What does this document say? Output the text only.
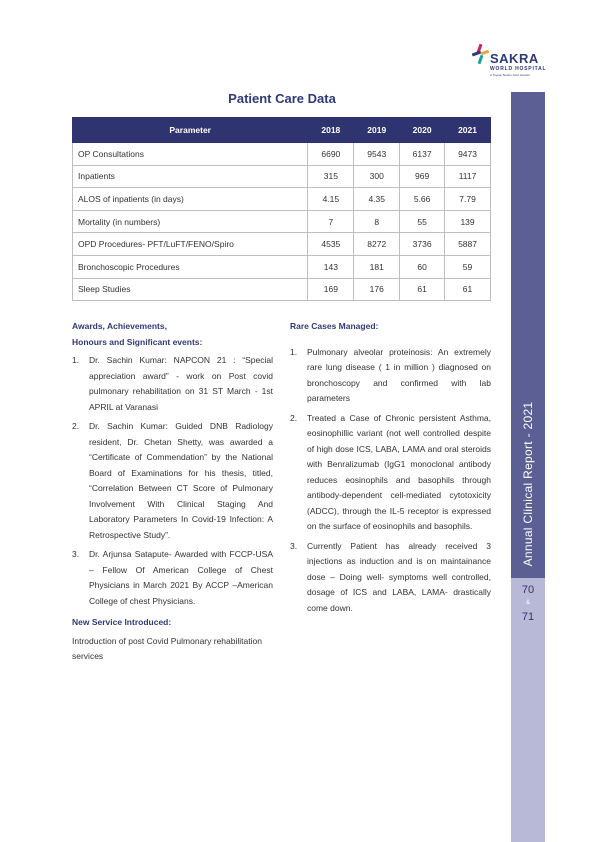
SAKRA
WORLD HOSPITAL
A Toyota Tsusho Joint Venture
Annual Clinical Report - 2021
70
&
71
Patient Care Data
Parameter	2018	2019	2020	2021
OP Consultations	6690	9543	6137	9473
Inpatients	315	300	969	1117
ALOS of inpatients (in days)	4.15	4.35	5.66	7.79
Mortality (in numbers)	7	8	55	139
OPD Procedures- PFT/LuFT/FENO/Spiro	4535	8272	3736	5887
Bronchoscopic Procedures	143	181	60	59
Sleep Studies	169	176	61	61

Awards, Achievements,

Honours and Significant events:

1. Dr. Sachin Kumar: NAPCON 21 : “Special appreciation award” - work on Post covid pulmonary rehabilitation on 31 ST March - 1st APRIL at Varanasi
2. Dr. Sachin Kumar: Guided DNB Radiology resident, Dr. Chetan Shetty, was awarded a “Certificate of Commendation” by the National Board of Examinations for his thesis, titled, “Correlation Between CT Score of Pulmonary Involvement With Clinical Staging And Laboratory Parameters In Covid-19 Infection: A Retrospective Study”.
3. Dr. Arjunsa Satapute- Awarded with FCCP-USA – Fellow Of American College of Chest Physicians in March 2021 By ACCP –American College of chest Physicians.

New Service Introduced:

Introduction of post Covid Pulmonary rehabilitation services

Rare Cases Managed:

1. Pulmonary alveolar proteinosis: An extremely rare lung disease ( 1 in million ) diagnosed on bronchoscopy and confirmed with lab parameters
2. Treated a Case of Chronic persistent Asthma, eosinophillic variant (not well controlled despite of high dose ICS, LABA, LAMA and oral steroids with Benralizumab (IgG1 monoclonal antibody reduces eosinophils and basophils through antibody-dependent cell-mediated cytotoxicity (ADCC), through the IL-5 receptor is expressed on the surface of eosinophils and basophils.
3. Currently Patient has already received 3 injections as induction and is on maintainance dose – Doing well- symptoms well controlled, dosage of ICS and LABA, LAMA- drastically come down.
